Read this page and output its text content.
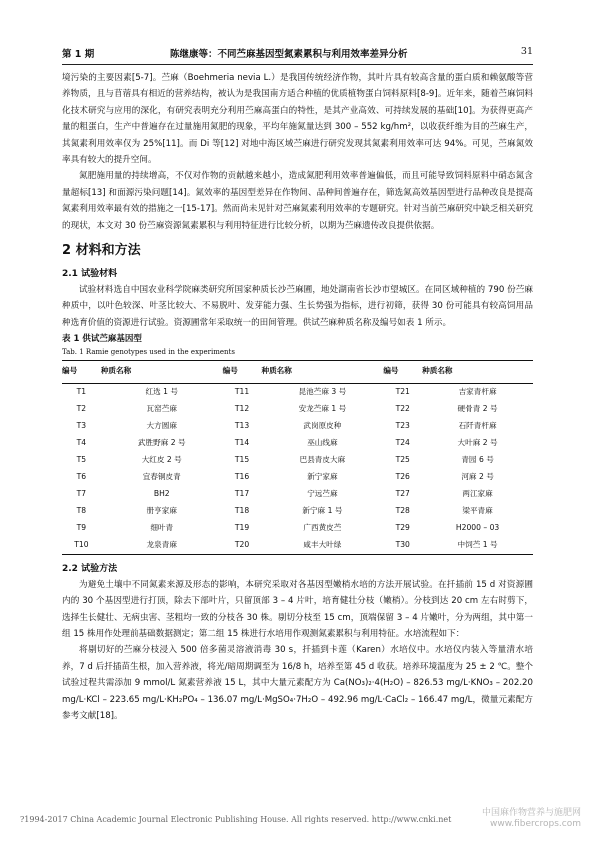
第 1 期	陈继康等：不同苎麻基因型氮素累积与利用效率差异分析	31

境污染的主要因素[5-7]。苎麻（Boehmeria nevia L.）是我国传统经济作物，其叶片具有较高含量的蛋白质和赖氨酸等营养物质，且与苜蓿具有相近的营养结构，被认为是我国南方适合种植的优质植物蛋白饲料原料[8-9]。近年来，随着苎麻饲料化技术研究与应用的深化，有研究表明充分利用苎麻高蛋白的特性，是其产业高效、可持续发展的基础[10]。为获得更高产量的粗蛋白，生产中普遍存在过量施用氮肥的现象，平均年施氮量达到 300 – 552 kg/hm²，以收获纤维为目的苎麻生产，其氮素利用效率仅为 25%[11]。而 Di 等[12] 对地中海区域苎麻进行研究发现其氮素利用效率可达 94%。可见，苎麻氮效率具有较大的提升空间。

氮肥施用量的持续增高，不仅对作物的贡献越来越小，造成氮肥利用效率普遍偏低，而且可能导致饲料原料中硝态氮含量超标[13] 和面源污染问题[14]。氮效率的基因型差异在作物间、品种间普遍存在，筛选氮高效基因型进行品种改良是提高氮素利用效率最有效的措施之一[15-17]。然而尚未见针对苎麻氮素利用效率的专题研究。针对当前苎麻研究中缺乏相关研究的现状，本文对 30 份苎麻资源氮素累积与利用特征进行比较分析，以期为苎麻遗传改良提供依据。

2 材料和方法
2.1 试验材料

试验材料选自中国农业科学院麻类研究所国家种质长沙苎麻圃，地处湖南省长沙市望城区。在同区域种植的 790 份苎麻种质中，以叶色较深、叶茎比较大、不易脱叶、发芽能力强、生长势强为指标，进行初筛，获得 30 份可能具有较高饲用品种选育价值的资源进行试验。资源圃常年采取统一的田间管理。供试苎麻种质名称及编号如表 1 所示。

表 1 供试苎麻基因型
Tab. 1 Ramie genotypes used in the experiments
编号	种质名称	编号	种质名称	编号	种质名称
T1	红选 1 号	T11	昆池苎麻 3 号	T21	吉家青杆麻
T2	瓦窑苎麻	T12	安龙苎麻 1 号	T22	硬骨青 2 号
T3	大方圆麻	T13	武岗原皮种	T23	石阡青杆麻
T4	武胜野麻 2 号	T14	巫山线麻	T24	大叶麻 2 号
T5	大红皮 2 号	T15	巴县青皮大麻	T25	青园 6 号
T6	宜春铜皮青	T16	新宁家麻	T26	河麻 2 号
T7	BH2	T17	宁远苎麻	T27	两江家麻
T8	册亨家麻	T18	新宁麻 1 号	T28	梁平青麻
T9	细叶青	T19	广西黄皮苎	T29	H2000 – 03
T10	龙泉青麻	T20	咸丰大叶绿	T30	中饲苎 1 号
2.2 试验方法

为避免土壤中不同氮素来源及形态的影响，本研究采取对各基因型嫩梢水培的方法开展试验。在扦插前 15 d 对资源圃内的 30 个基因型进行打顶，除去下部叶片，只留顶部 3 – 4 片叶，培育健壮分枝（嫩梢）。分枝到达 20 cm 左右时剪下，选择生长健壮、无病虫害、茎粗均一致的分枝各 30 株。剔切分枝至 15 cm，顶端保留 3 – 4 片嫩叶，分为两组，其中第一组 15 株用作处理前基础数据测定；第二组 15 株进行水培用作观测氮素累积与利用特征。水培流程如下：

将剔切好的苎麻分枝浸入 500 倍多菌灵溶液消毒 30 s，扦插到卡莲（Karen）水培仪中。水培仪内装入等量清水培养，7 d 后扦插苗生根，加入营养液，将光/暗周期调至为 16/8 h，培养至第 45 d 收获。培养环境温度为 25 ± 2 ℃。整个试验过程共需添加 9 mmol/L 氮素营养液 15 L，其中大量元素配方为 Ca(NO₃)₂·4(H₂O) – 826.53 mg/L·KNO₃ – 202.20 mg/L·KCl – 223.65 mg/L·KH₂PO₄ – 136.07 mg/L·MgSO₄·7H₂O – 492.96 mg/L·CaCl₂ – 166.47 mg/L，微量元素配方参考文献[18]。

?1994-2017 China Academic Journal Electronic Publishing House. All rights reserved. http://www.cnki.net
中国麻作物营养与施肥网
www.fibercrops.com
